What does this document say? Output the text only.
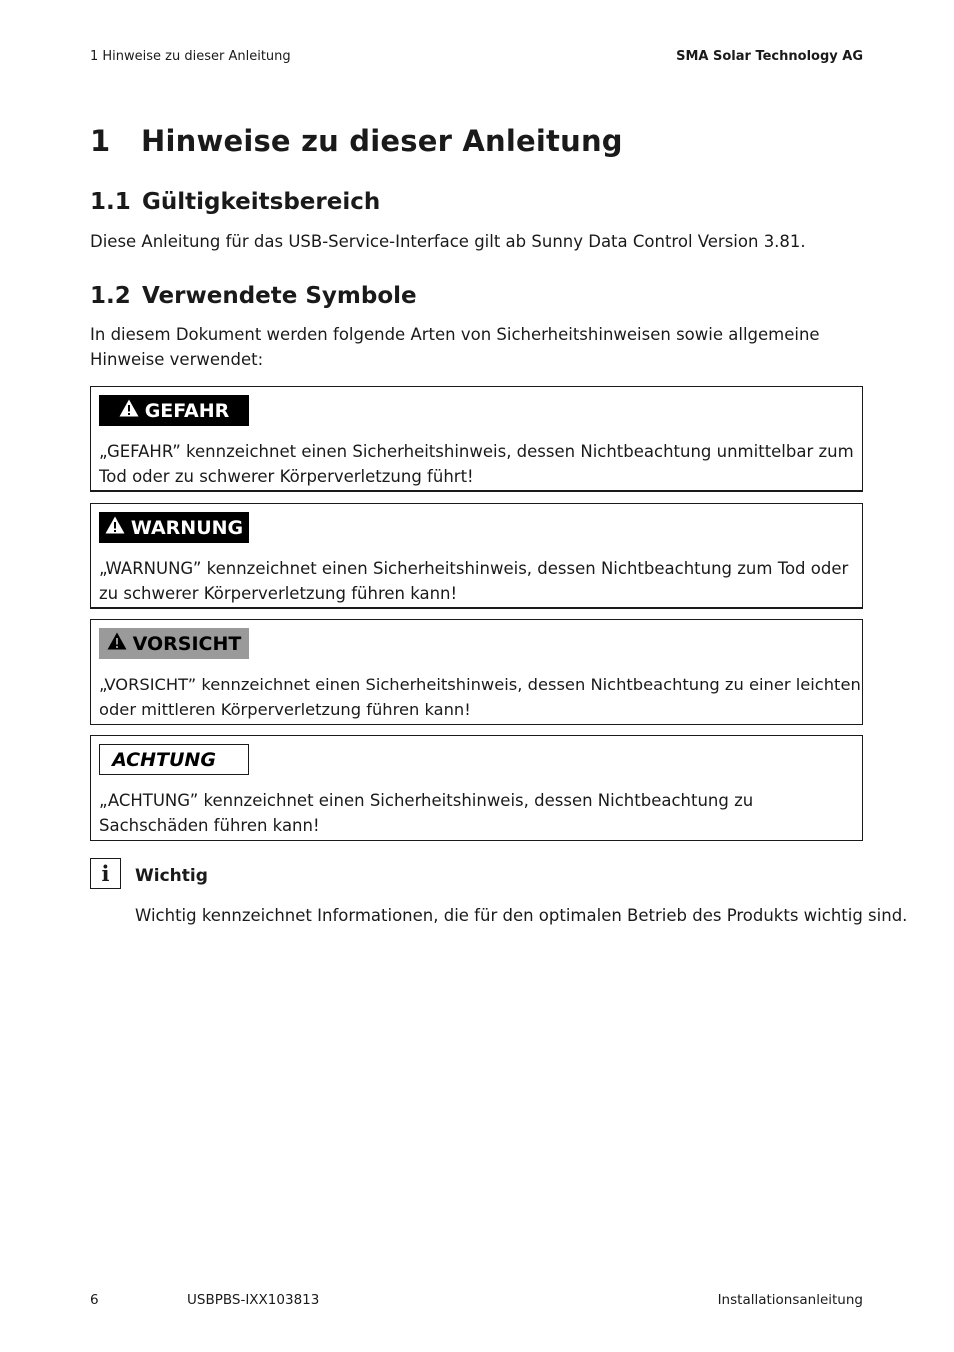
1 Hinweise zu dieser Anleitung	SMA Solar Technology AG
1 Hinweise zu dieser Anleitung
1.1 Gültigkeitsbereich
Diese Anleitung für das USB-Service-Interface gilt ab Sunny Data Control Version 3.81.
1.2 Verwendete Symbole
In diesem Dokument werden folgende Arten von Sicherheitshinweisen sowie allgemeine Hinweise verwendet:
GEFAHR
„GEFAHR” kennzeichnet einen Sicherheitshinweis, dessen Nichtbeachtung unmittelbar zum Tod oder zu schwerer Körperverletzung führt!
WARNUNG
„WARNUNG” kennzeichnet einen Sicherheitshinweis, dessen Nichtbeachtung zum Tod oder zu schwerer Körperverletzung führen kann!
VORSICHT
„VORSICHT” kennzeichnet einen Sicherheitshinweis, dessen Nichtbeachtung zu einer leichten oder mittleren Körperverletzung führen kann!
ACHTUNG
„ACHTUNG” kennzeichnet einen Sicherheitshinweis, dessen Nichtbeachtung zu Sachschäden führen kann!
i	Wichtig
Wichtig kennzeichnet Informationen, die für den optimalen Betrieb des Produkts wichtig sind.
6	USBPBS-IXX103813	Installationsanleitung
